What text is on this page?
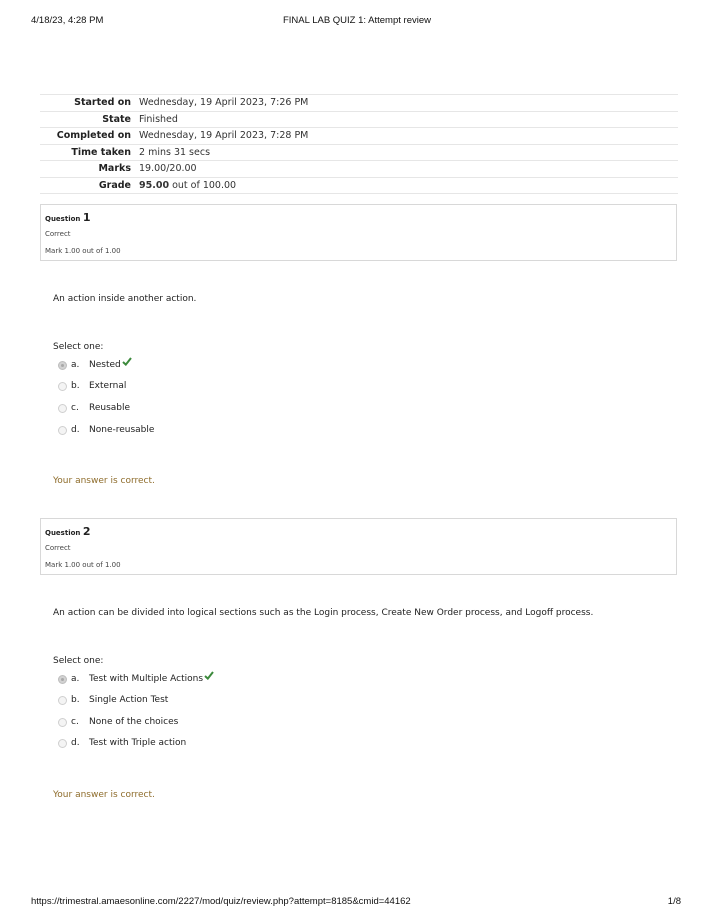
4/18/23, 4:28 PM	FINAL LAB QUIZ 1: Attempt review
Started on	Wednesday, 19 April 2023, 7:26 PM
State	Finished
Completed on	Wednesday, 19 April 2023, 7:28 PM
Time taken	2 mins 31 secs
Marks	19.00/20.00
Grade	95.00 out of 100.00
Question 1
Correct
Mark 1.00 out of 1.00
An action inside another action.
Select one:
a. Nested
b. External
c. Reusable
d. None-reusable
Your answer is correct.
Question 2
Correct
Mark 1.00 out of 1.00
An action can be divided into logical sections such as the Login process, Create New Order process, and Logoff process.
Select one:
a. Test with Multiple Actions
b. Single Action Test
c. None of the choices
d. Test with Triple action
Your answer is correct.
https://trimestral.amaesonline.com/2227/mod/quiz/review.php?attempt=8185&cmid=44162	1/8
